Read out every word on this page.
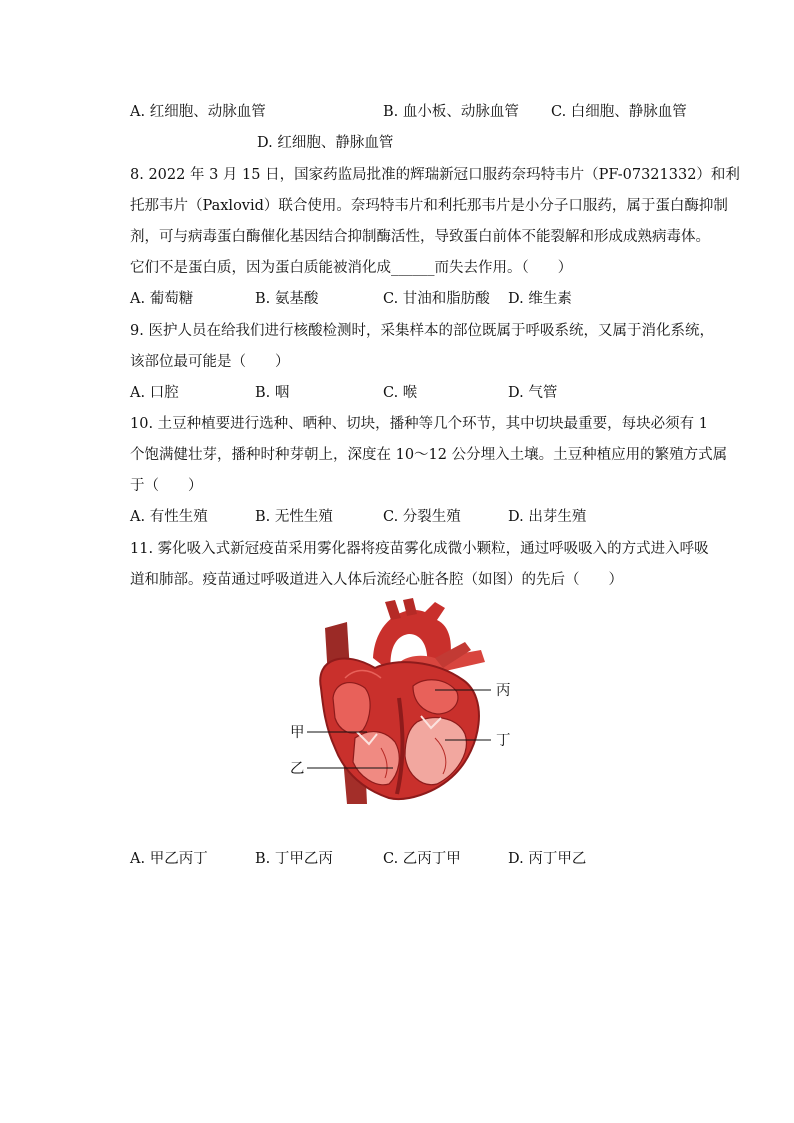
A. 红细胞、动脉血管	B. 血小板、动脉血管 C. 白细胞、静脉血管
D. 红细胞、静脉血管
8. 2022 年 3 月 15 日，国家药监局批准的辉瑞新冠口服药奈玛特韦片（PF-07321332）和利
托那韦片（Paxlovid）联合使用。奈玛特韦片和利托那韦片是小分子口服药，属于蛋白酶抑制
剂，可与病毒蛋白酶催化基因结合抑制酶活性，导致蛋白前体不能裂解和形成成熟病毒体。
它们不是蛋白质，因为蛋白质能被消化成______而失去作用。（　　）
A. 葡萄糖	B. 氨基酸	C. 甘油和脂肪酸 D. 维生素
9. 医护人员在给我们进行核酸检测时，采集样本的部位既属于呼吸系统，又属于消化系统，
该部位最可能是（　　）
A. 口腔	B. 咽	C. 喉	D. 气管
10. 土豆种植要进行选种、晒种、切块，播种等几个环节，其中切块最重要，每块必须有 1
个饱满健壮芽，播种时种芽朝上，深度在 10～12 公分埋入土壤。土豆种植应用的繁殖方式属
于（　　）
A. 有性生殖	B. 无性生殖	C. 分裂生殖	D. 出芽生殖
11. 雾化吸入式新冠疫苗采用雾化器将疫苗雾化成微小颗粒，通过呼吸吸入的方式进入呼吸
道和肺部。疫苗通过呼吸道进入人体后流经心脏各腔（如图）的先后（　　）
甲
乙
丙
丁
A. 甲乙丙丁	B. 丁甲乙丙	C. 乙丙丁甲	D. 丙丁甲乙
